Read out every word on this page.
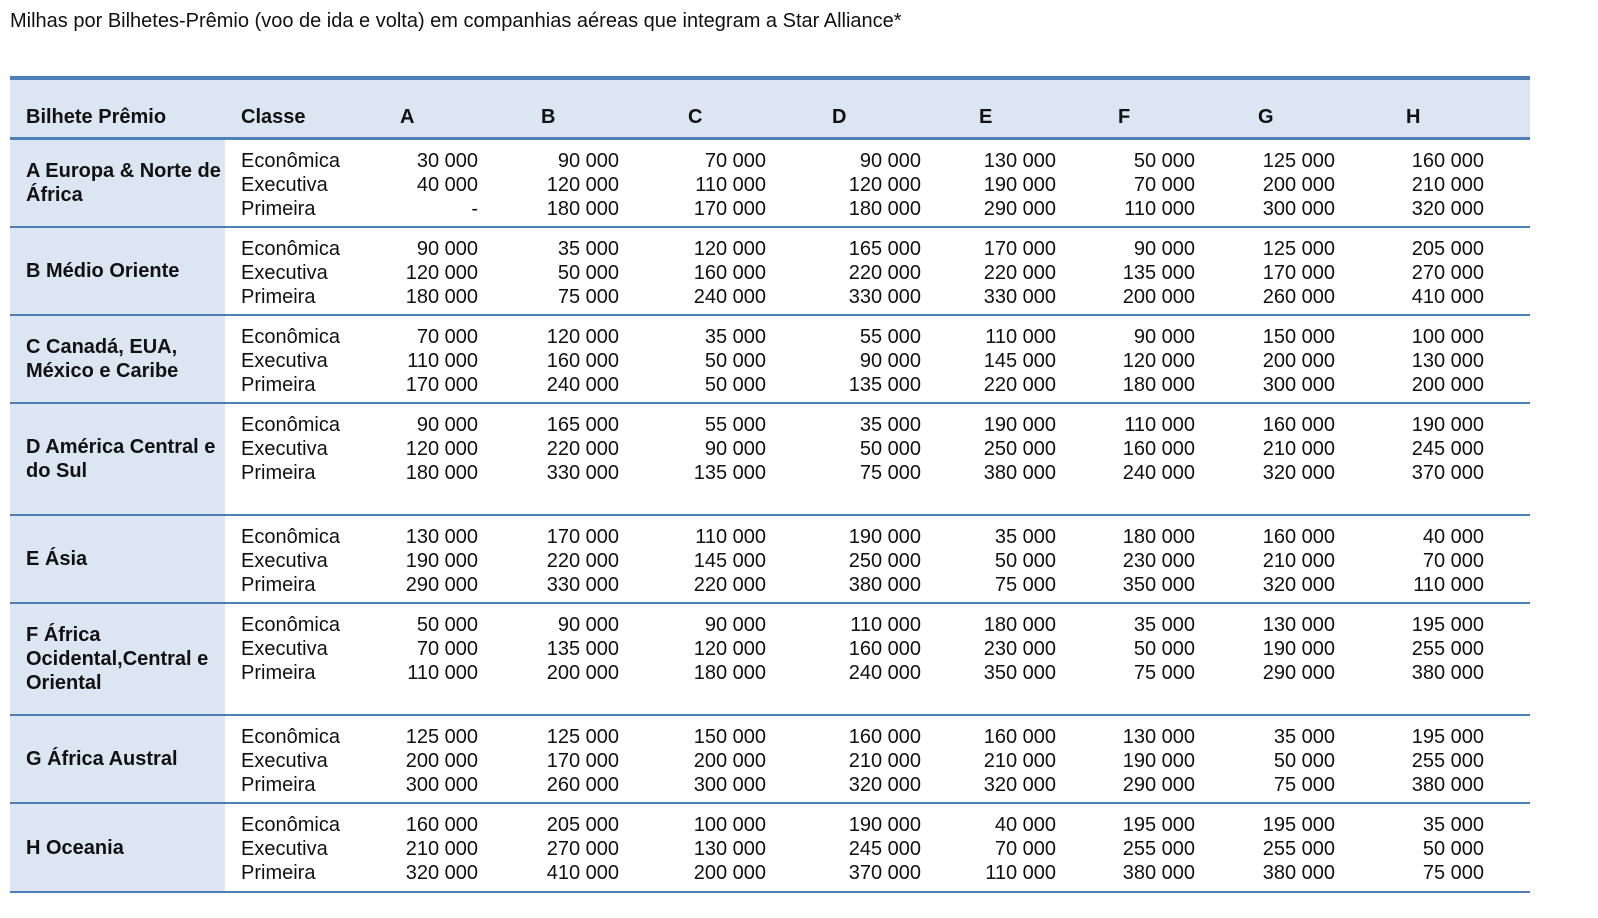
Milhas por Bilhetes-Prêmio (voo de ida e volta) em companhias aéreas que integram a Star Alliance*
Bilhete Prêmio	Classe	A	B	C	D	E	F	G	H
A Europa & Norte de África
Econômica	30 000	90 000	70 000	90 000	130 000	50 000	125 000	160 000
Executiva	40 000	120 000	110 000	120 000	190 000	70 000	200 000	210 000
Primeira	-	180 000	170 000	180 000	290 000	110 000	300 000	320 000
B Médio Oriente
Econômica	90 000	35 000	120 000	165 000	170 000	90 000	125 000	205 000
Executiva	120 000	50 000	160 000	220 000	220 000	135 000	170 000	270 000
Primeira	180 000	75 000	240 000	330 000	330 000	200 000	260 000	410 000
C Canadá, EUA, México e Caribe
Econômica	70 000	120 000	35 000	55 000	110 000	90 000	150 000	100 000
Executiva	110 000	160 000	50 000	90 000	145 000	120 000	200 000	130 000
Primeira	170 000	240 000	50 000	135 000	220 000	180 000	300 000	200 000
D América Central e do Sul
Econômica	90 000	165 000	55 000	35 000	190 000	110 000	160 000	190 000
Executiva	120 000	220 000	90 000	50 000	250 000	160 000	210 000	245 000
Primeira	180 000	330 000	135 000	75 000	380 000	240 000	320 000	370 000
E Ásia
Econômica	130 000	170 000	110 000	190 000	35 000	180 000	160 000	40 000
Executiva	190 000	220 000	145 000	250 000	50 000	230 000	210 000	70 000
Primeira	290 000	330 000	220 000	380 000	75 000	350 000	320 000	110 000
F África Ocidental,Central e Oriental
Econômica	50 000	90 000	90 000	110 000	180 000	35 000	130 000	195 000
Executiva	70 000	135 000	120 000	160 000	230 000	50 000	190 000	255 000
Primeira	110 000	200 000	180 000	240 000	350 000	75 000	290 000	380 000
G África Austral
Econômica	125 000	125 000	150 000	160 000	160 000	130 000	35 000	195 000
Executiva	200 000	170 000	200 000	210 000	210 000	190 000	50 000	255 000
Primeira	300 000	260 000	300 000	320 000	320 000	290 000	75 000	380 000
H Oceania
Econômica	160 000	205 000	100 000	190 000	40 000	195 000	195 000	35 000
Executiva	210 000	270 000	130 000	245 000	70 000	255 000	255 000	50 000
Primeira	320 000	410 000	200 000	370 000	110 000	380 000	380 000	75 000
